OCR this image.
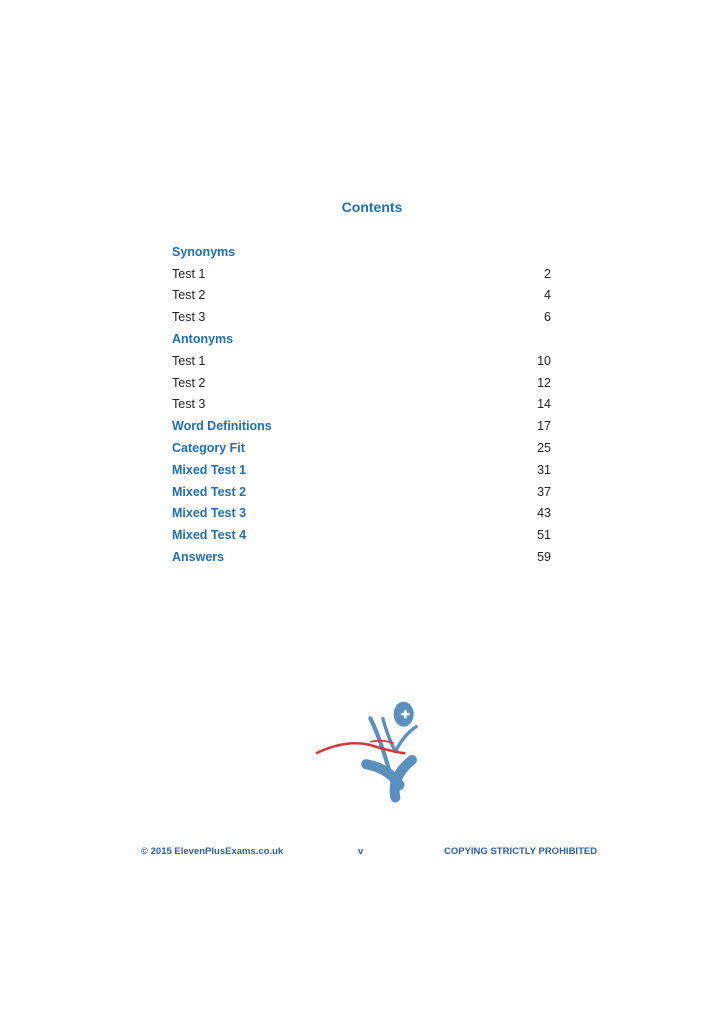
Contents
Synonyms
Test 1	2
Test 2	4
Test 3	6
Antonyms
Test 1	10
Test 2	12
Test 3	14
Word Definitions	17
Category Fit	25
Mixed Test 1	31
Mixed Test 2	37
Mixed Test 3	43
Mixed Test 4	51
Answers	59
© 2015 ElevenPlusExams.co.uk	v	COPYING STRICTLY PROHIBITED
